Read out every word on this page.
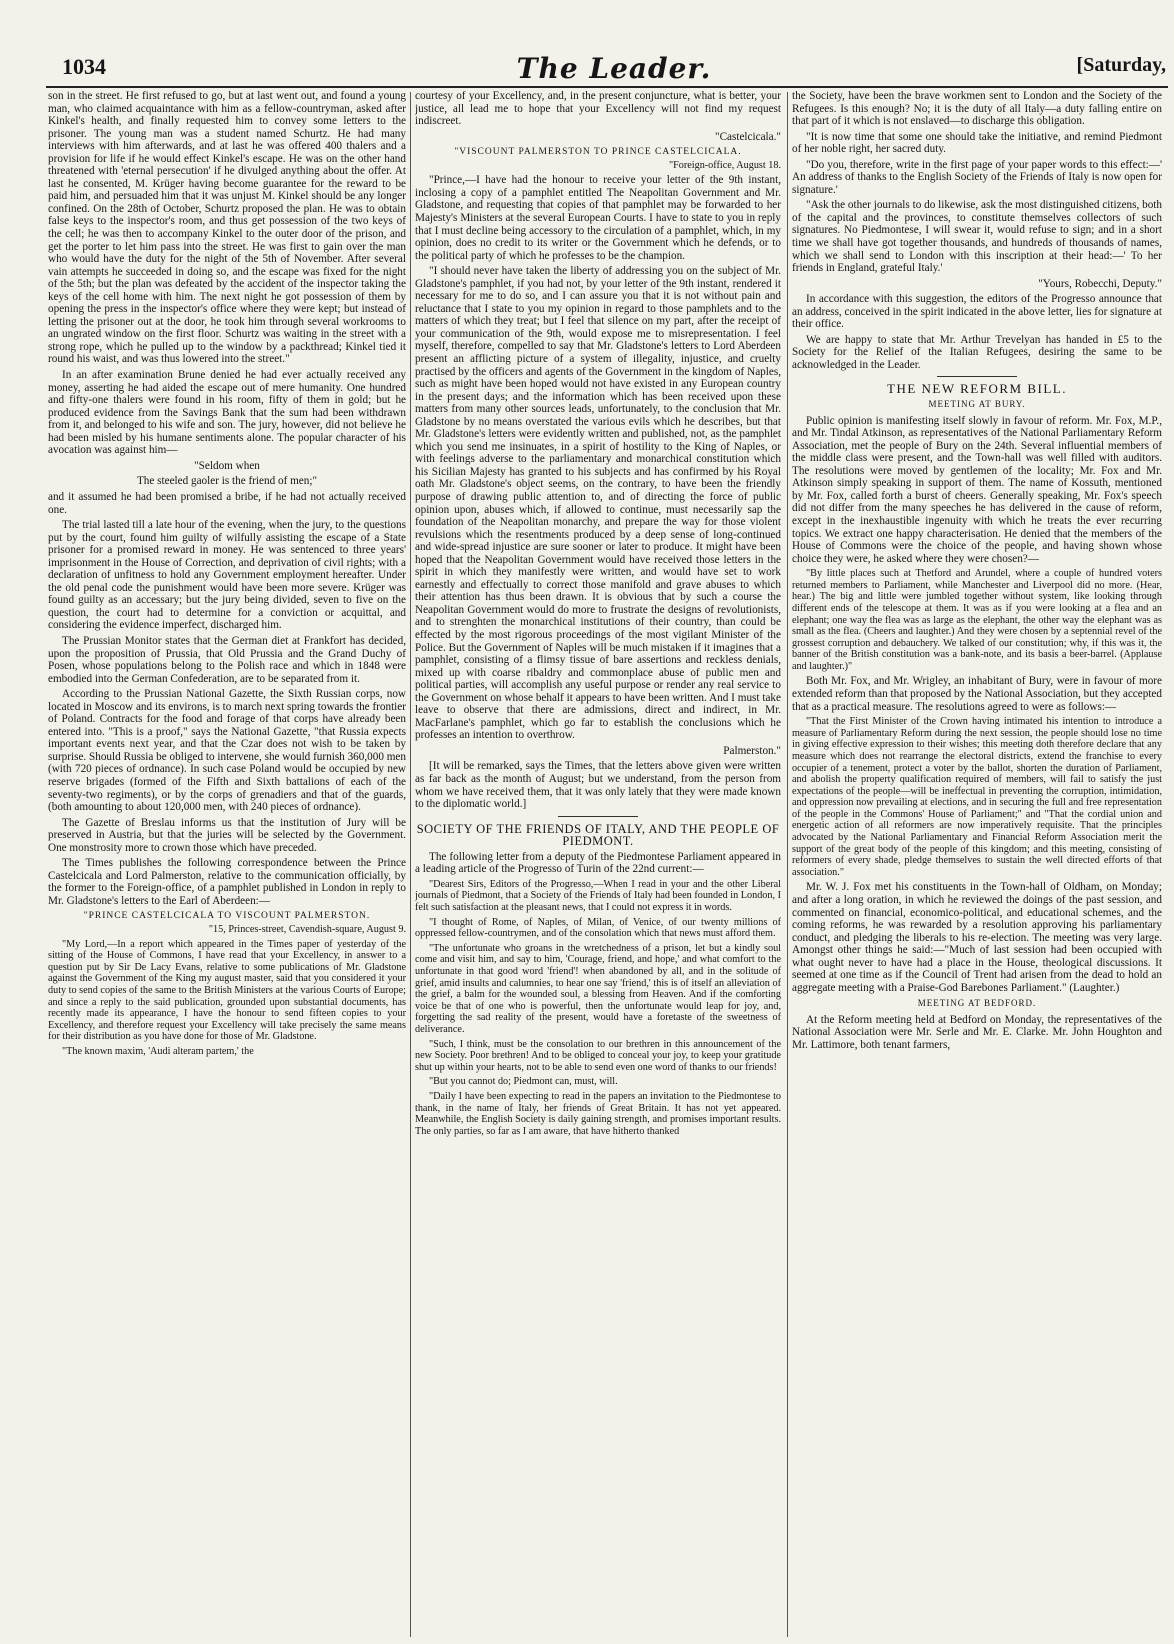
1034	The Leader.	[Saturday,

son in the street. He first refused to go, but at last went out, and found a young man, who claimed acquaintance with him as a fellow-countryman, asked after Kinkel's health, and finally requested him to convey some letters to the prisoner. The young man was a student named Schurtz. He had many interviews with him afterwards, and at last he was offered 400 thalers and a provision for life if he would effect Kinkel's escape. He was on the other hand threatened with 'eternal persecution' if he divulged anything about the offer. At last he consented, M. Krüger having become guarantee for the reward to be paid him, and persuaded him that it was unjust M. Kinkel should be any longer confined. On the 28th of October, Schurtz proposed the plan. He was to obtain false keys to the inspector's room, and thus get possession of the two keys of the cell; he was then to accompany Kinkel to the outer door of the prison, and get the porter to let him pass into the street. He was first to gain over the man who would have the duty for the night of the 5th of November. After several vain attempts he succeeded in doing so, and the escape was fixed for the night of the 5th; but the plan was defeated by the accident of the inspector taking the keys of the cell home with him. The next night he got possession of them by opening the press in the inspector's office where they were kept; but instead of letting the prisoner out at the door, he took him through several workrooms to an ungrated window on the first floor. Schurtz was waiting in the street with a strong rope, which he pulled up to the window by a packthread; Kinkel tied it round his waist, and was thus lowered into the street."

In an after examination Brune denied he had ever actually received any money, asserting he had aided the escape out of mere humanity. One hundred and fifty-one thalers were found in his room, fifty of them in gold; but he produced evidence from the Savings Bank that the sum had been withdrawn from it, and belonged to his wife and son. The jury, however, did not believe he had been misled by his humane sentiments alone. The popular character of his avocation was against him—

"Seldom when

The steeled gaoler is the friend of men;"

and it assumed he had been promised a bribe, if he had not actually received one.

The trial lasted till a late hour of the evening, when the jury, to the questions put by the court, found him guilty of wilfully assisting the escape of a State prisoner for a promised reward in money. He was sentenced to three years' imprisonment in the House of Correction, and deprivation of civil rights; with a declaration of unfitness to hold any Government employment hereafter. Under the old penal code the punishment would have been more severe. Krüger was found guilty as an accessary; but the jury being divided, seven to five on the question, the court had to determine for a conviction or acquittal, and considering the evidence imperfect, discharged him.

The Prussian Monitor states that the German diet at Frankfort has decided, upon the proposition of Prussia, that Old Prussia and the Grand Duchy of Posen, whose populations belong to the Polish race and which in 1848 were embodied into the German Confederation, are to be separated from it.

According to the Prussian National Gazette, the Sixth Russian corps, now located in Moscow and its environs, is to march next spring towards the frontier of Poland. Contracts for the food and forage of that corps have already been entered into. "This is a proof," says the National Gazette, "that Russia expects important events next year, and that the Czar does not wish to be taken by surprise. Should Russia be obliged to intervene, she would furnish 360,000 men (with 720 pieces of ordnance). In such case Poland would be occupied by new reserve brigades (formed of the Fifth and Sixth battalions of each of the seventy-two regiments), or by the corps of grenadiers and that of the guards, (both amounting to about 120,000 men, with 240 pieces of ordnance).

The Gazette of Breslau informs us that the institution of Jury will be preserved in Austria, but that the juries will be selected by the Government. One monstrosity more to crown those which have preceded.

The Times publishes the following correspondence between the Prince Castelcicala and Lord Palmerston, relative to the communication officially, by the former to the Foreign-office, of a pamphlet published in London in reply to Mr. Gladstone's letters to the Earl of Aberdeen:—

"PRINCE CASTELCICALA TO VISCOUNT PALMERSTON.

"15, Princes-street, Cavendish-square, August 9.

"My Lord,—In a report which appeared in the Times paper of yesterday of the sitting of the House of Commons, I have read that your Excellency, in answer to a question put by Sir De Lacy Evans, relative to some publications of Mr. Gladstone against the Government of the King my august master, said that you considered it your duty to send copies of the same to the British Ministers at the various Courts of Europe; and since a reply to the said publication, grounded upon substantial documents, has recently made its appearance, I have the honour to send fifteen copies to your Excellency, and therefore request your Excellency will take precisely the same means for their distribution as you have done for those of Mr. Gladstone.

"The known maxim, 'Audi alteram partem,' the

courtesy of your Excellency, and, in the present conjuncture, what is better, your justice, all lead me to hope that your Excellency will not find my request indiscreet.

"Castelcicala."

"VISCOUNT PALMERSTON TO PRINCE CASTELCICALA.

"Foreign-office, August 18.

"Prince,—I have had the honour to receive your letter of the 9th instant, inclosing a copy of a pamphlet entitled The Neapolitan Government and Mr. Gladstone, and requesting that copies of that pamphlet may be forwarded to her Majesty's Ministers at the several European Courts. I have to state to you in reply that I must decline being accessory to the circulation of a pamphlet, which, in my opinion, does no credit to its writer or the Government which he defends, or to the political party of which he professes to be the champion.

"I should never have taken the liberty of addressing you on the subject of Mr. Gladstone's pamphlet, if you had not, by your letter of the 9th instant, rendered it necessary for me to do so, and I can assure you that it is not without pain and reluctance that I state to you my opinion in regard to those pamphlets and to the matters of which they treat; but I feel that silence on my part, after the receipt of your communication of the 9th, would expose me to misrepresentation. I feel myself, therefore, compelled to say that Mr. Gladstone's letters to Lord Aberdeen present an afflicting picture of a system of illegality, injustice, and cruelty practised by the officers and agents of the Government in the kingdom of Naples, such as might have been hoped would not have existed in any European country in the present days; and the information which has been received upon these matters from many other sources leads, unfortunately, to the conclusion that Mr. Gladstone by no means overstated the various evils which he describes, but that Mr. Gladstone's letters were evidently written and published, not, as the pamphlet which you send me insinuates, in a spirit of hostility to the King of Naples, or with feelings adverse to the parliamentary and monarchical constitution which his Sicilian Majesty has granted to his subjects and has confirmed by his Royal oath Mr. Gladstone's object seems, on the contrary, to have been the friendly purpose of drawing public attention to, and of directing the force of public opinion upon, abuses which, if allowed to continue, must necessarily sap the foundation of the Neapolitan monarchy, and prepare the way for those violent revulsions which the resentments produced by a deep sense of long-continued and wide-spread injustice are sure sooner or later to produce. It might have been hoped that the Neapolitan Government would have received those letters in the spirit in which they manifestly were written, and would have set to work earnestly and effectually to correct those manifold and grave abuses to which their attention has thus been drawn. It is obvious that by such a course the Neapolitan Government would do more to frustrate the designs of revolutionists, and to strenghten the monarchical institutions of their country, than could be effected by the most rigorous proceedings of the most vigilant Minister of the Police. But the Government of Naples will be much mistaken if it imagines that a pamphlet, consisting of a flimsy tissue of bare assertions and reckless denials, mixed up with coarse ribaldry and commonplace abuse of public men and political parties, will accomplish any useful purpose or render any real service to the Government on whose behalf it appears to have been written. And I must take leave to observe that there are admissions, direct and indirect, in Mr. MacFarlane's pamphlet, which go far to establish the conclusions which he professes an intention to overthrow.

Palmerston."

[It will be remarked, says the Times, that the letters above given were written as far back as the month of August; but we understand, from the person from whom we have received them, that it was only lately that they were made known to the diplomatic world.]

SOCIETY OF THE FRIENDS OF ITALY, AND THE PEOPLE OF PIEDMONT.

The following letter from a deputy of the Piedmontese Parliament appeared in a leading article of the Progresso of Turin of the 22nd current:—

"Dearest Sirs, Editors of the Progresso,—When I read in your and the other Liberal journals of Piedmont, that a Society of the Friends of Italy had been founded in London, I felt such satisfaction at the pleasant news, that I could not express it in words.

"I thought of Rome, of Naples, of Milan, of Venice, of our twenty millions of oppressed fellow-countrymen, and of the consolation which that news must afford them.

"The unfortunate who groans in the wretchedness of a prison, let but a kindly soul come and visit him, and say to him, 'Courage, friend, and hope,' and what comfort to the unfortunate in that good word 'friend'! when abandoned by all, and in the solitude of grief, amid insults and calumnies, to hear one say 'friend,' this is of itself an alleviation of the grief, a balm for the wounded soul, a blessing from Heaven. And if the comforting voice be that of one who is powerful, then the unfortunate would leap for joy, and, forgetting the sad reality of the present, would have a foretaste of the sweetness of deliverance.

"Such, I think, must be the consolation to our brethren in this announcement of the new Society. Poor brethren! And to be obliged to conceal your joy, to keep your gratitude shut up within your hearts, not to be able to send even one word of thanks to our friends!

"But you cannot do; Piedmont can, must, will.

"Daily I have been expecting to read in the papers an invitation to the Piedmontese to thank, in the name of Italy, her friends of Great Britain. It has not yet appeared. Meanwhile, the English Society is daily gaining strength, and promises important results. The only parties, so far as I am aware, that have hitherto thanked

the Society, have been the brave workmen sent to London and the Society of the Refugees. Is this enough? No; it is the duty of all Italy—a duty falling entire on that part of it which is not enslaved—to discharge this obligation.

"It is now time that some one should take the initiative, and remind Piedmont of her noble right, her sacred duty.

"Do you, therefore, write in the first page of your paper words to this effect:—' An address of thanks to the English Society of the Friends of Italy is now open for signature.'

"Ask the other journals to do likewise, ask the most distinguished citizens, both of the capital and the provinces, to constitute themselves collectors of such signatures. No Piedmontese, I will swear it, would refuse to sign; and in a short time we shall have got together thousands, and hundreds of thousands of names, which we shall send to London with this inscription at their head:—' To her friends in England, grateful Italy.'

"Yours, Robecchi, Deputy."

In accordance with this suggestion, the editors of the Progresso announce that an address, conceived in the spirit indicated in the above letter, lies for signature at their office.

We are happy to state that Mr. Arthur Trevelyan has handed in £5 to the Society for the Relief of the Italian Refugees, desiring the same to be acknowledged in the Leader.

THE NEW REFORM BILL.

MEETING AT BURY.

Public opinion is manifesting itself slowly in favour of reform. Mr. Fox, M.P., and Mr. Tindal Atkinson, as representatives of the National Parliamentary Reform Association, met the people of Bury on the 24th. Several influential members of the middle class were present, and the Town-hall was well filled with auditors. The resolutions were moved by gentlemen of the locality; Mr. Fox and Mr. Atkinson simply speaking in support of them. The name of Kossuth, mentioned by Mr. Fox, called forth a burst of cheers. Generally speaking, Mr. Fox's speech did not differ from the many speeches he has delivered in the cause of reform, except in the inexhaustible ingenuity with which he treats the ever recurring topics. We extract one happy characterisation. He denied that the members of the House of Commons were the choice of the people, and having shown whose choice they were, he asked where they were chosen?—

"By little places such at Thetford and Arundel, where a couple of hundred voters returned members to Parliament, while Manchester and Liverpool did no more. (Hear, hear.) The big and little were jumbled together without system, like looking through different ends of the telescope at them. It was as if you were looking at a flea and an elephant; one way the flea was as large as the elephant, the other way the elephant was as small as the flea. (Cheers and laughter.) And they were chosen by a septennial revel of the grossest corruption and debauchery. We talked of our constitution; why, if this was it, the banner of the British constitution was a bank-note, and its basis a beer-barrel. (Applause and laughter.)"

Both Mr. Fox, and Mr. Wrigley, an inhabitant of Bury, were in favour of more extended reform than that proposed by the National Association, but they accepted that as a practical measure. The resolutions agreed to were as follows:—

"That the First Minister of the Crown having intimated his intention to introduce a measure of Parliamentary Reform during the next session, the people should lose no time in giving effective expression to their wishes; this meeting doth therefore declare that any measure which does not rearrange the electoral districts, extend the franchise to every occupier of a tenement, protect a voter by the ballot, shorten the duration of Parliament, and abolish the property qualification required of members, will fail to satisfy the just expectations of the people—will be ineffectual in preventing the corruption, intimidation, and oppression now prevailing at elections, and in securing the full and free representation of the people in the Commons' House of Parliament;" and "That the cordial union and energetic action of all reformers are now imperatively requisite. That the principles advocated by the National Parliamentary and Financial Reform Association merit the support of the great body of the people of this kingdom; and this meeting, consisting of reformers of every shade, pledge themselves to sustain the well directed efforts of that association."

Mr. W. J. Fox met his constituents in the Town-hall of Oldham, on Monday; and after a long oration, in which he reviewed the doings of the past session, and commented on financial, economico-political, and educational schemes, and the coming reforms, he was rewarded by a resolution approving his parliamentary conduct, and pledging the liberals to his re-election. The meeting was very large. Amongst other things he said:—"Much of last session had been occupied with what ought never to have had a place in the House, theological discussions. It seemed at one time as if the Council of Trent had arisen from the dead to hold an aggregate meeting with a Praise-God Barebones Parliament." (Laughter.)

MEETING AT BEDFORD.

At the Reform meeting held at Bedford on Monday, the representatives of the National Association were Mr. Serle and Mr. E. Clarke. Mr. John Houghton and Mr. Lattimore, both tenant farmers,
